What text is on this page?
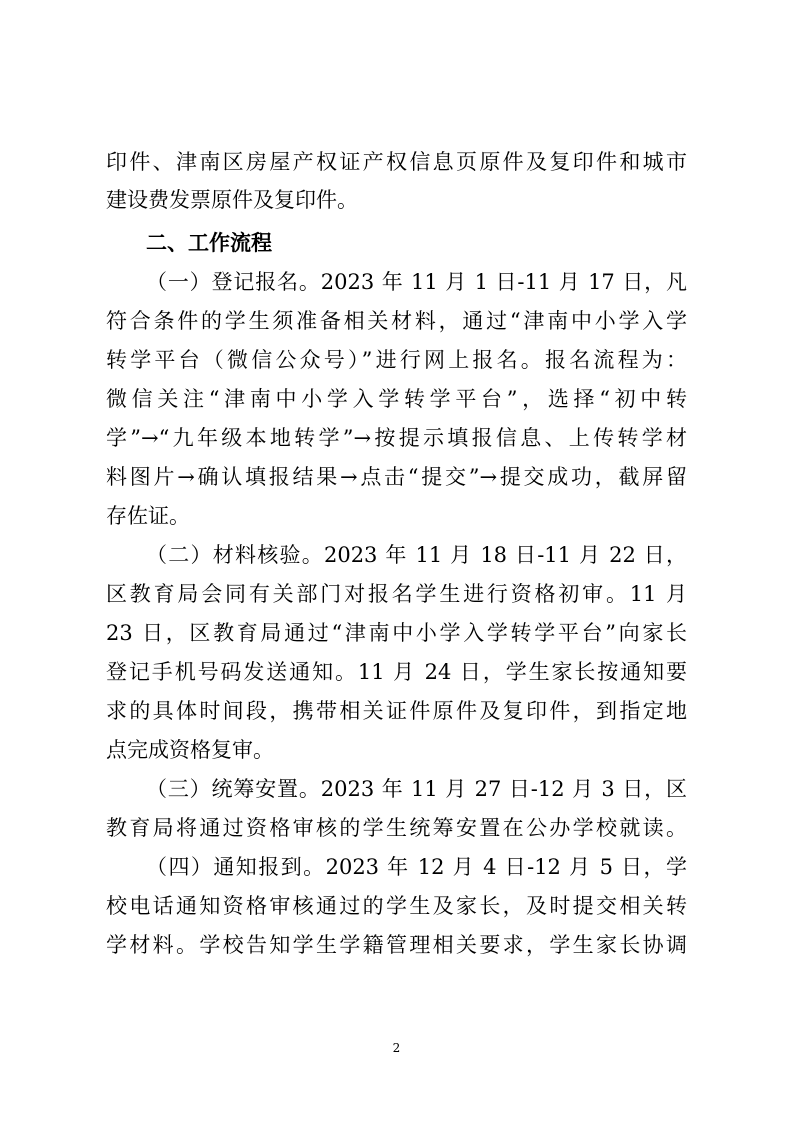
印件、津南区房屋产权证产权信息页原件及复印件和城市
建设费发票原件及复印件。
二、工作流程
（一）登记报名。2023 年 11 月 1 日-11 月 17 日，凡
符合条件的学生须准备相关材料，通过“津南中小学入学
转学平台（微信公众号）”进行网上报名。报名流程为：
微信关注“津南中小学入学转学平台”，选择“初中转
学”→“九年级本地转学”→按提示填报信息、上传转学材
料图片→确认填报结果→点击“提交”→提交成功，截屏留
存佐证。
（二）材料核验。2023 年 11 月 18 日-11 月 22 日，
区教育局会同有关部门对报名学生进行资格初审。11 月
23 日，区教育局通过“津南中小学入学转学平台”向家长
登记手机号码发送通知。11 月 24 日，学生家长按通知要
求的具体时间段，携带相关证件原件及复印件，到指定地
点完成资格复审。
（三）统筹安置。2023 年 11 月 27 日-12 月 3 日，区
教育局将通过资格审核的学生统筹安置在公办学校就读。
（四）通知报到。2023 年 12 月 4 日-12 月 5 日，学
校电话通知资格审核通过的学生及家长，及时提交相关转
学材料。学校告知学生学籍管理相关要求，学生家长协调
2
